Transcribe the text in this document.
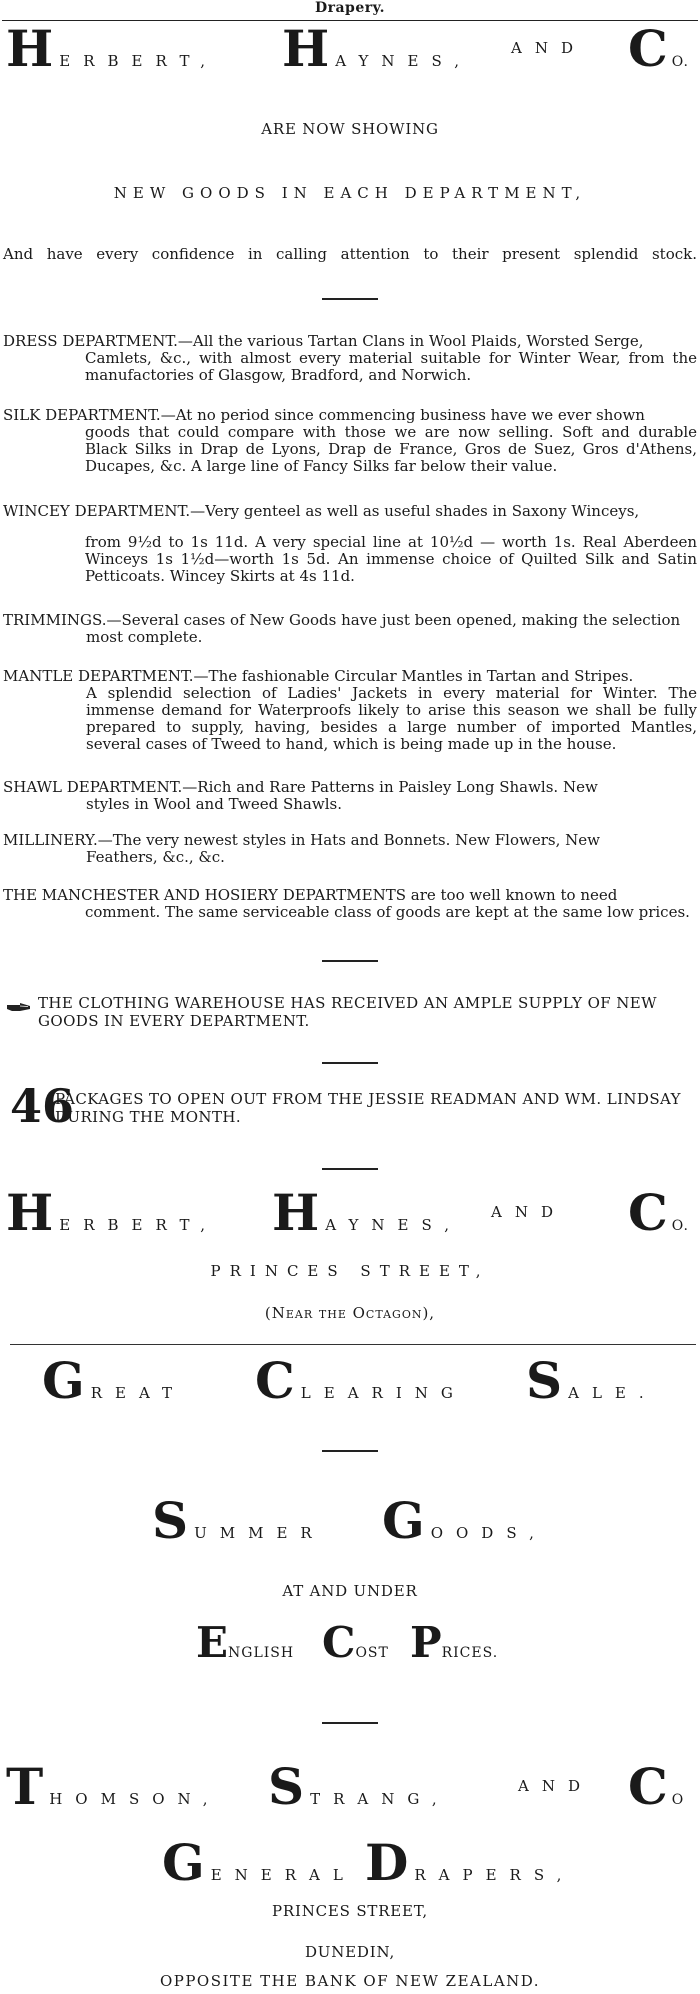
Drapery.
HERBERT, HAYNES,
AND C O.
ARE NOW SHOWING
NEW GOODS IN EACH DEPARTMENT,
And have every confidence in calling attention to their present splendid stock.
DRESS DEPARTMENT.—All the various Tartan Clans in Wool Plaids, Worsted Serge,
Camlets, &c., with almost every material suitable for Winter Wear, from the manufactories of Glasgow, Bradford, and Norwich.
SILK DEPARTMENT.—At no period since commencing business have we ever shown
goods that could compare with those we are now selling. Soft and durable Black Silks in Drap de Lyons, Drap de France, Gros de Suez, Gros d'Athens, Ducapes, &c. A large line of Fancy Silks far below their value.
WINCEY DEPARTMENT.—Very genteel as well as useful shades in Saxony Winceys,
from 9½d to 1s 11d. A very special line at 10½d — worth 1s. Real Aberdeen Winceys 1s 1½d—worth 1s 5d. An immense choice of Quilted Silk and Satin Petticoats. Wincey Skirts at 4s 11d.
TRIMMINGS.—Several cases of New Goods have just been opened, making the selection
most complete.
MANTLE DEPARTMENT.—The fashionable Circular Mantles in Tartan and Stripes.
A splendid selection of Ladies' Jackets in every material for Winter. The immense demand for Waterproofs likely to arise this season we shall be fully prepared to supply, having, besides a large number of imported Mantles, several cases of Tweed to hand, which is being made up in the house.
SHAWL DEPARTMENT.—Rich and Rare Patterns in Paisley Long Shawls. New
styles in Wool and Tweed Shawls.
MILLINERY.—The very newest styles in Hats and Bonnets. New Flowers, New
Feathers, &c., &c.
THE MANCHESTER AND HOSIERY DEPARTMENTS are too well known to need
comment. The same serviceable class of goods are kept at the same low prices.
THE CLOTHING WAREHOUSE HAS RECEIVED AN AMPLE SUPPLY OF NEW GOODS IN EVERY DEPARTMENT.
46
PACKAGES TO OPEN OUT FROM THE JESSIE READMAN AND WM. LINDSAY DURING THE MONTH.
HERBERT, HAYNES,
AND C O.
PRINCES STREET,
(Near the Octagon),
GREAT CLEARING SALE.
SUMMER GOODS,
AT AND UNDER
ENGLISH COST PRICES.
THOMSON, STRANG,
AND C O
GENERAL DRAPERS,
PRINCES STREET,
DUNEDIN,
OPPOSITE THE BANK OF NEW ZEALAND.
